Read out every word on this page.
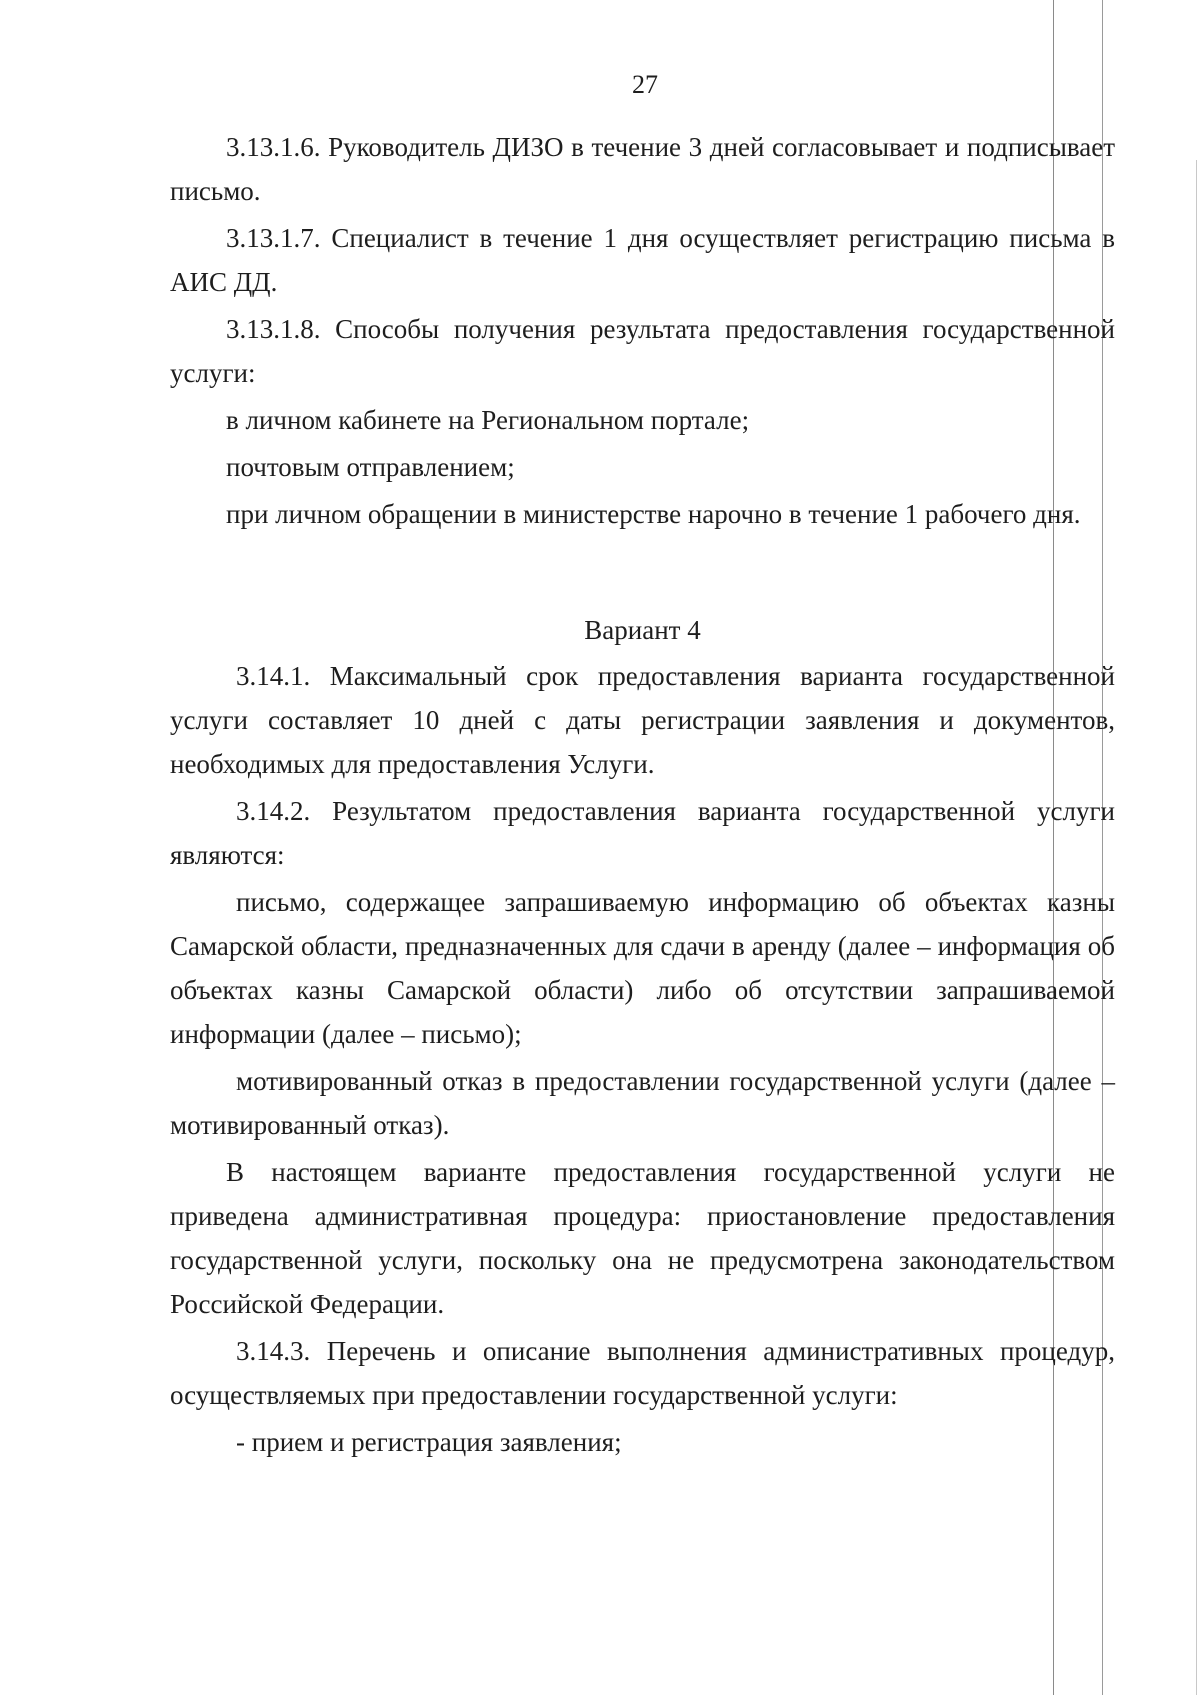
27

3.13.1.6. Руководитель ДИЗО в течение 3 дней согласовывает и подписывает письмо.

3.13.1.7. Специалист в течение 1 дня осуществляет регистрацию письма в АИС ДД.

3.13.1.8. Способы получения результата предоставления государственной услуги:

в личном кабинете на Региональном портале;

почтовым отправлением;

при личном обращении в министерстве нарочно в течение 1 рабочего дня.

Вариант 4

3.14.1. Максимальный срок предоставления варианта государственной услуги составляет 10 дней с даты регистрации заявления и документов, необходимых для предоставления Услуги.

3.14.2. Результатом предоставления варианта государственной услуги являются:

письмо, содержащее запрашиваемую информацию об объектах казны Самарской области, предназначенных для сдачи в аренду (далее – информация об объектах казны Самарской области) либо об отсутствии запрашиваемой информации (далее – письмо);

мотивированный отказ в предоставлении государственной услуги (далее – мотивированный отказ).

В настоящем варианте предоставления государственной услуги не приведена административная процедура: приостановление предоставления государственной услуги, поскольку она не предусмотрена законодательством Российской Федерации.

3.14.3. Перечень и описание выполнения административных процедур, осуществляемых при предоставлении государственной услуги:

- прием и регистрация заявления;
